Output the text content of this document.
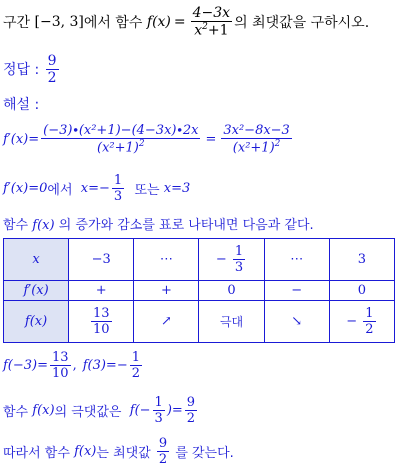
구간
[−3, 3] 에서 함수
$f(x) = \frac{4-3x}{x^2+1}$ 의 최댓값을 구하시오.
정답 :
$\frac{9}{2}$
해설 :
$f'(x)= \frac{\text{(−3)∙(x²+1)−(4−3x)∙2x}}{(x^2+1)^2} = \frac{\text{3x²−8x−3}}{(x^2+1)^2}$
f′(x)=0 에서
$x=- \frac{1}{3}$
또는
x=3
함수 f(x) 의 증가와 감소를 표로 나타내면 다음과 같다.
x	−3	⋯	− $\frac{1}{3}$	⋯	3
f′(x)	+	+	0	−	0
f(x)	$\frac{13}{10}$	↗	극대	↘	− $\frac{1}{2}$
$f(-3)= \frac{13}{10}$ , $f(3)=- \frac{1}{2}$
함수
f(x) 의 극댓값은
$f(- \frac{1}{3}$ )= $\frac{9}{2}$
따라서 함수
f(x) 는 최댓값
$\frac{9}{2}$
를 갖는다.
